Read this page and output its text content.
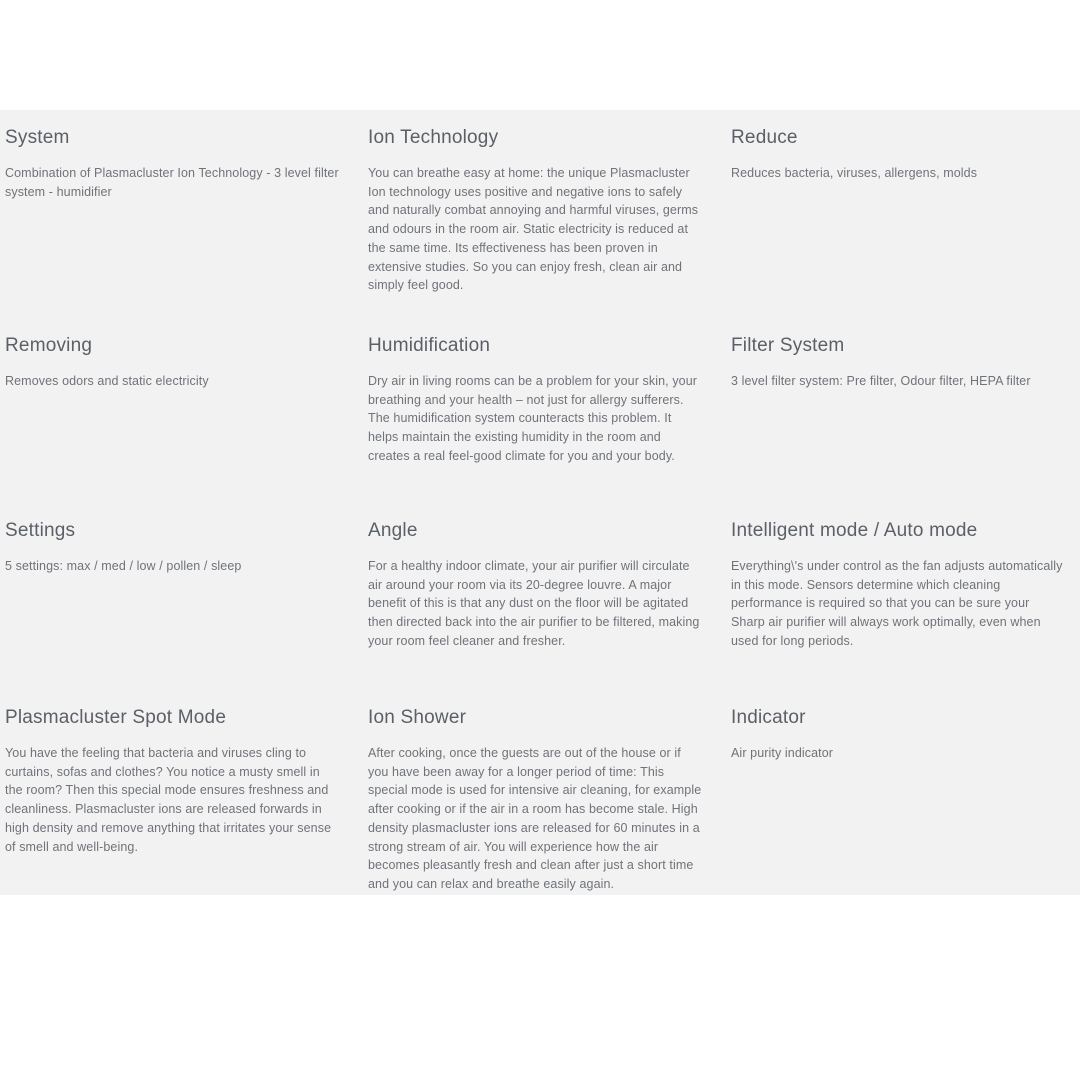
System

Combination of Plasmacluster Ion Technology - 3 level filter system - humidifier

Ion Technology

You can breathe easy at home: the unique Plasmacluster Ion technology uses positive and negative ions to safely and naturally combat annoying and harmful viruses, germs and odours in the room air. Static electricity is reduced at the same time. Its effectiveness has been proven in extensive studies. So you can enjoy fresh, clean air and simply feel good.

Reduce

Reduces bacteria, viruses, allergens, molds

Removing

Removes odors and static electricity

Humidification

Dry air in living rooms can be a problem for your skin, your breathing and your health – not just for allergy sufferers. The humidification system counteracts this problem. It helps maintain the existing humidity in the room and creates a real feel-good climate for you and your body.

Filter System

3 level filter system: Pre filter, Odour filter, HEPA filter

Settings

5 settings: max / med / low / pollen / sleep

Angle

For a healthy indoor climate, your air purifier will circulate air around your room via its 20-degree louvre. A major benefit of this is that any dust on the floor will be agitated then directed back into the air purifier to be filtered, making your room feel cleaner and fresher.

Intelligent mode / Auto mode

Everything\'s under control as the fan adjusts automatically in this mode. Sensors determine which cleaning performance is required so that you can be sure your Sharp air purifier will always work optimally, even when used for long periods.

Plasmacluster Spot Mode

You have the feeling that bacteria and viruses cling to curtains, sofas and clothes? You notice a musty smell in the room? Then this special mode ensures freshness and cleanliness. Plasmacluster ions are released forwards in high density and remove anything that irritates your sense of smell and well-being.

Ion Shower

After cooking, once the guests are out of the house or if you have been away for a longer period of time: This special mode is used for intensive air cleaning, for example after cooking or if the air in a room has become stale. High density plasmacluster ions are released for 60 minutes in a strong stream of air. You will experience how the air becomes pleasantly fresh and clean after just a short time and you can relax and breathe easily again.

Indicator

Air purity indicator
